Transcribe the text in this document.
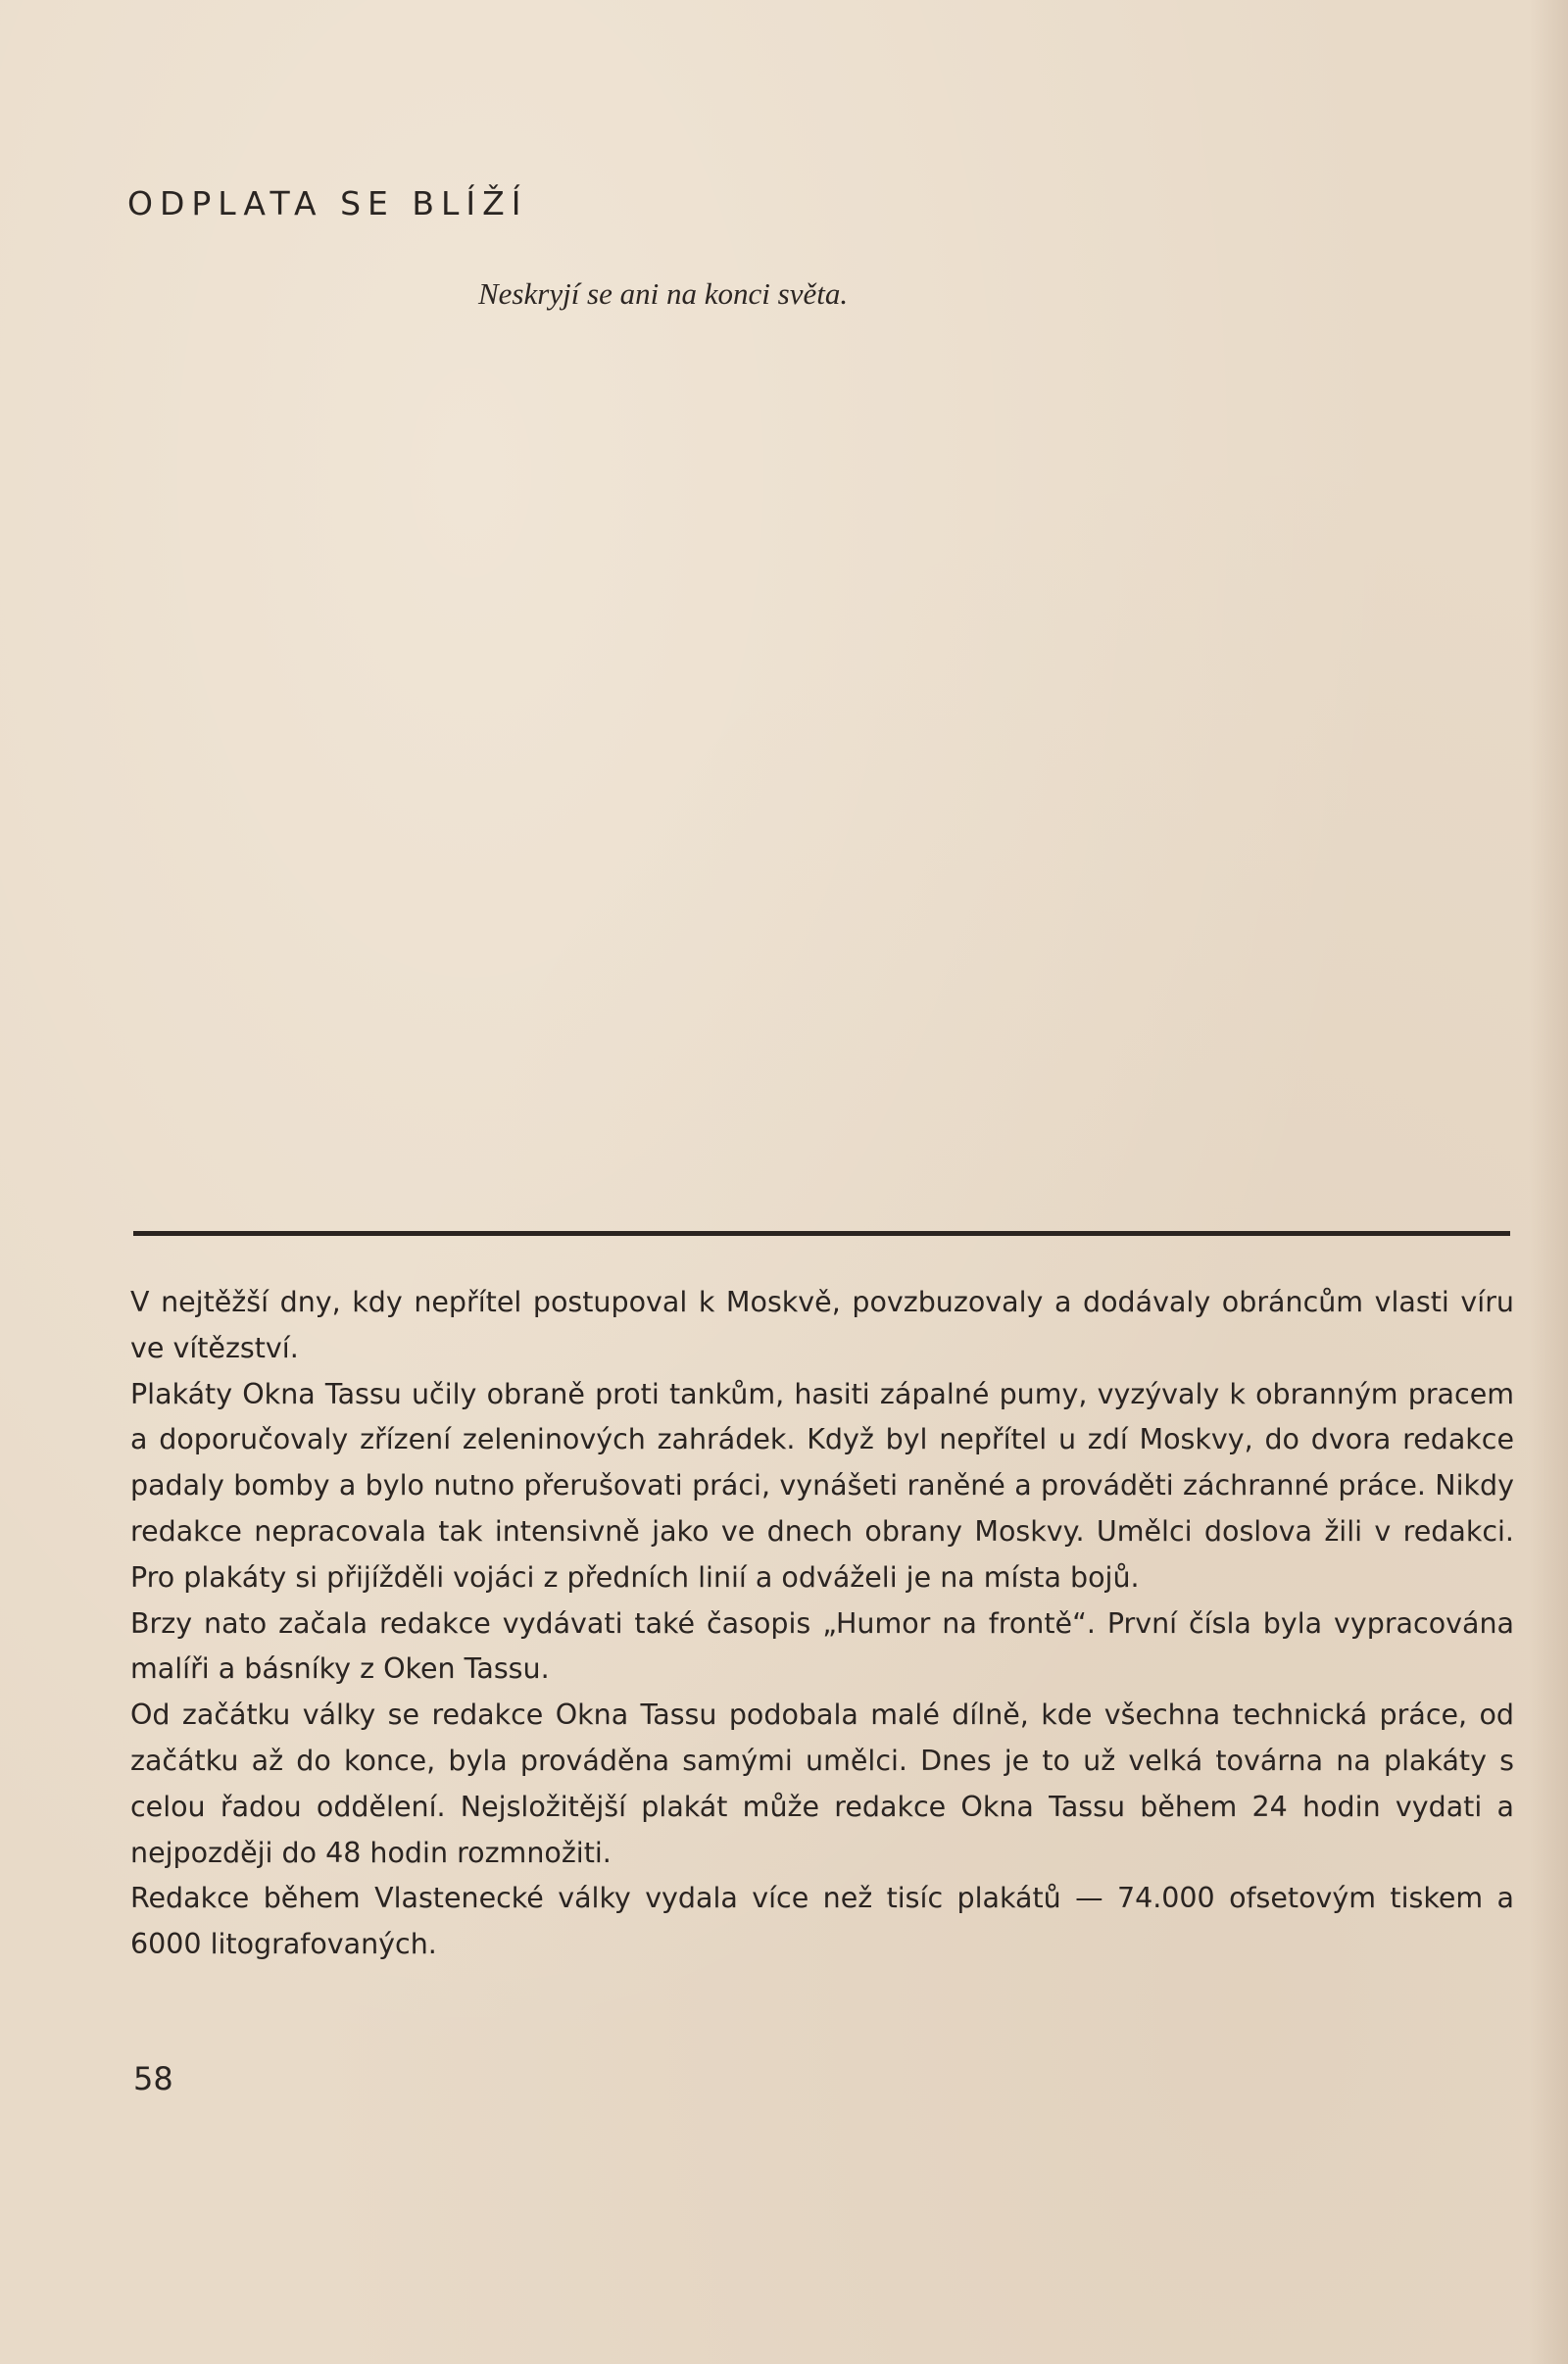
ODPLATA SE BLÍŽÍ
Neskryjí se ani na konci světa.

V nejtěžší dny, kdy nepřítel postupoval k Moskvě, povzbuzovaly a dodávaly obráncům vlasti víru ve vítězství.

Plakáty Okna Tassu učily obraně proti tankům, hasiti zápalné pumy, vyzývaly k obranným pracem a doporučovaly zřízení zeleninových zahrádek. Když byl nepřítel u zdí Moskvy, do dvora redakce padaly bomby a bylo nutno přerušovati práci, vynášeti raněné a prováděti záchranné práce. Nikdy redakce nepracovala tak intensivně jako ve dnech obrany Moskvy. Umělci doslova žili v redakci. Pro plakáty si přijížděli vojáci z předních linií a odváželi je na místa bojů.

Brzy nato začala redakce vydávati také časopis „Humor na frontě“. První čísla byla vypracována malíři a básníky z Oken Tassu.

Od začátku války se redakce Okna Tassu podobala malé dílně, kde všechna technická práce, od začátku až do konce, byla prováděna samými umělci. Dnes je to už velká továrna na plakáty s celou řadou oddělení. Nejsložitější plakát může redakce Okna Tassu během 24 hodin vydati a nejpozději do 48 hodin rozmnožiti.

Redakce během Vlastenecké války vydala více než tisíc plakátů — 74.000 ofsetovým tiskem a 6000 litografovaných.

58
